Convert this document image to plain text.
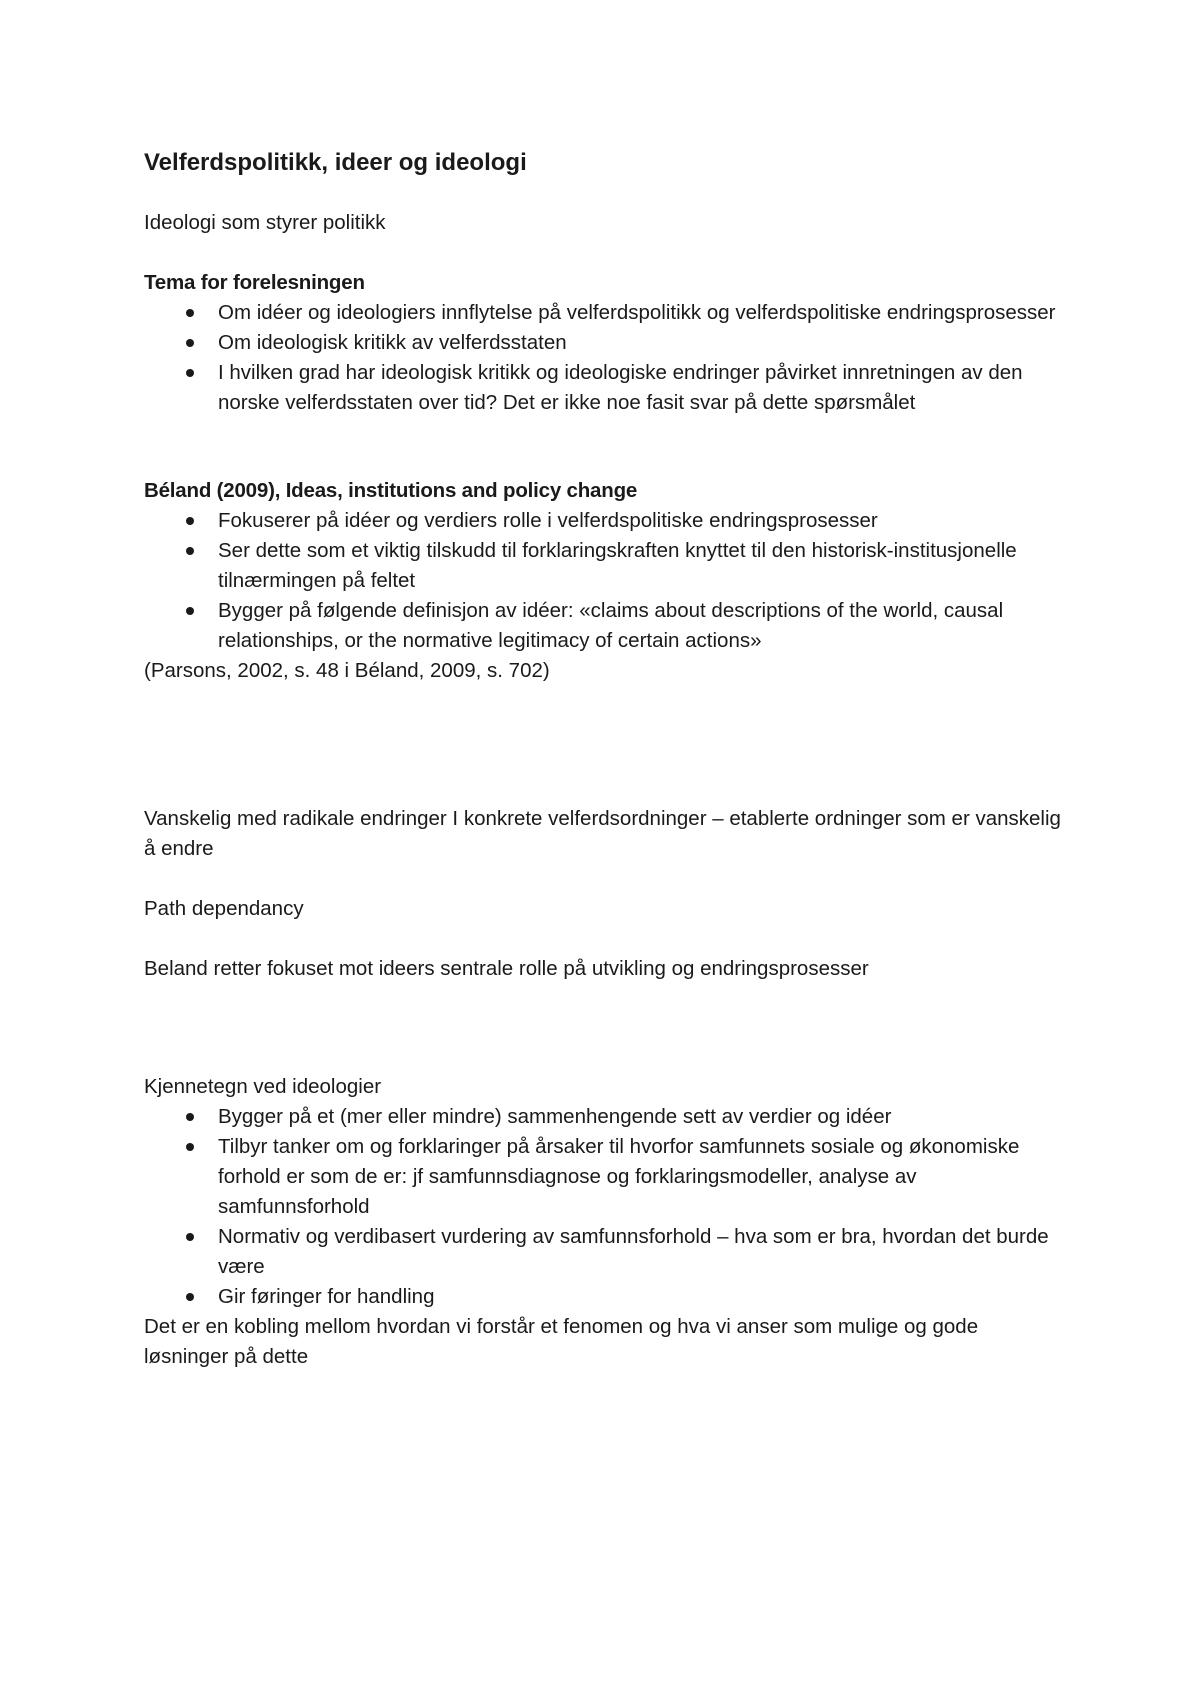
Velferdspolitikk, ideer og ideologi

Ideologi som styrer politikk

Tema for forelesningen

Om idéer og ideologiers innflytelse på velferdspolitikk og velferdspolitiske endringsprosesser
Om ideologisk kritikk av velferdsstaten
I hvilken grad har ideologisk kritikk og ideologiske endringer påvirket innretningen av den norske velferdsstaten over tid? Det er ikke noe fasit svar på dette spørsmålet

Béland (2009), Ideas, institutions and policy change

Fokuserer på idéer og verdiers rolle i velferdspolitiske endringsprosesser
Ser dette som et viktig tilskudd til forklaringskraften knyttet til den historisk-institusjonelle tilnærmingen på feltet
Bygger på følgende definisjon av idéer: «claims about descriptions of the world, causal relationships, or the normative legitimacy of certain actions»

(Parsons, 2002, s. 48 i Béland, 2009, s. 702)

Vanskelig med radikale endringer I konkrete velferdsordninger – etablerte ordninger som er vanskelig å endre

Path dependancy

Beland retter fokuset mot ideers sentrale rolle på utvikling og endringsprosesser

Kjennetegn ved ideologier

Bygger på et (mer eller mindre) sammenhengende sett av verdier og idéer
Tilbyr tanker om og forklaringer på årsaker til hvorfor samfunnets sosiale og økonomiske forhold er som de er: jf samfunnsdiagnose og forklaringsmodeller, analyse av samfunnsforhold
Normativ og verdibasert vurdering av samfunnsforhold – hva som er bra, hvordan det burde være
Gir føringer for handling

Det er en kobling mellom hvordan vi forstår et fenomen og hva vi anser som mulige og gode løsninger på dette
